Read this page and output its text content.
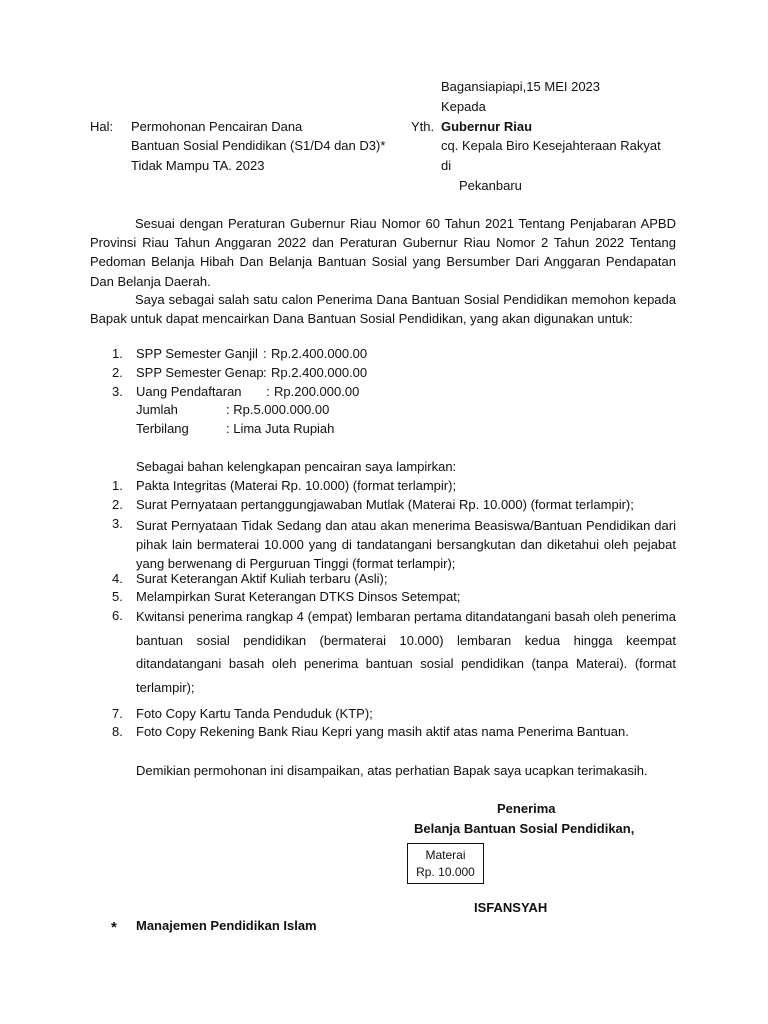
Bagansiapiapi,15 MEI 2023
Kepada
Yth. Gubernur Riau
cq. Kepala Biro Kesejahteraan Rakyat
di
Pekanbaru
Hal: Permohonan Pencairan Dana
Bantuan Sosial Pendidikan (S1/D4 dan D3)*
Tidak Mampu TA. 2023
Sesuai dengan Peraturan Gubernur Riau Nomor 60 Tahun 2021 Tentang Penjabaran APBD Provinsi Riau Tahun Anggaran 2022 dan Peraturan Gubernur Riau Nomor 2 Tahun 2022 Tentang Pedoman Belanja Hibah Dan Belanja Bantuan Sosial yang Bersumber Dari Anggaran Pendapatan Dan Belanja Daerah.
Saya sebagai salah satu calon Penerima Dana Bantuan Sosial Pendidikan memohon kepada Bapak untuk dapat mencairkan Dana Bantuan Sosial Pendidikan, yang akan digunakan untuk:
1. SPP Semester Ganjil : Rp.2.400.000.00
2. SPP Semester Genap : Rp.2.400.000.00
3. Uang Pendaftaran : Rp.200.000.00
Jumlah	: Rp.5.000.000.00
Terbilang	: Lima Juta Rupiah
Sebagai bahan kelengkapan pencairan saya lampirkan:
1. Pakta Integritas (Materai Rp. 10.000) (format terlampir);
2. Surat Pernyataan pertanggungjawaban Mutlak (Materai Rp. 10.000) (format terlampir);
3. Surat Pernyataan Tidak Sedang dan atau akan menerima Beasiswa/Bantuan Pendidikan dari pihak lain bermaterai 10.000 yang di tandatangani bersangkutan dan diketahui oleh pejabat yang berwenang di Perguruan Tinggi (format terlampir);
4. Surat Keterangan Aktif Kuliah terbaru (Asli);
5. Melampirkan Surat Keterangan DTKS Dinsos Setempat;
6. Kwitansi penerima rangkap 4 (empat) lembaran pertama ditandatangani basah oleh penerima bantuan sosial pendidikan (bermaterai 10.000) lembaran kedua hingga keempat ditandatangani basah oleh penerima bantuan sosial pendidikan (tanpa Materai). (format terlampir);
7. Foto Copy Kartu Tanda Penduduk (KTP);
8. Foto Copy Rekening Bank Riau Kepri yang masih aktif atas nama Penerima Bantuan.
Demikian permohonan ini disampaikan, atas perhatian Bapak saya ucapkan terimakasih.
Penerima
Belanja Bantuan Sosial Pendidikan,
Materai
Rp. 10.000
ISFANSYAH
* Manajemen Pendidikan Islam
